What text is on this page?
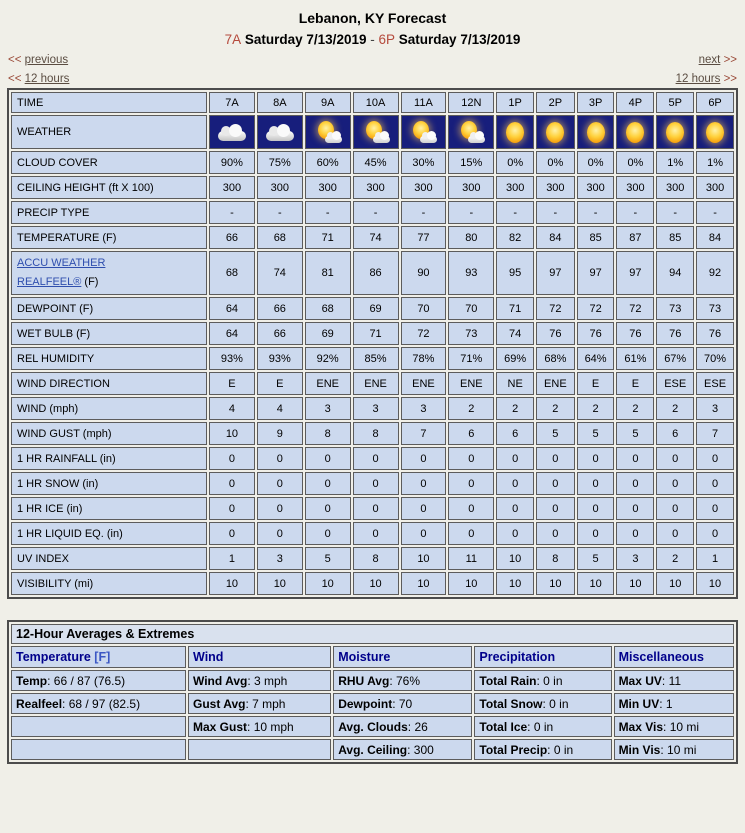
Lebanon, KY Forecast
7A Saturday 7/13/2019 - 6P Saturday 7/13/2019
<< previous	next >>
<< 12 hours	12 hours >>
TIME	7A	8A	9A	10A	11A	12N	1P	2P	3P	4P	5P	6P
WEATHER			

CLOUD COVER	90%	75%	60%	45%	30%	15%	0%	0%	0%	0%	1%	1%
CEILING HEIGHT (ft X 100)	300	300	300	300	300	300	300	300	300	300	300	300
PRECIP TYPE	-	-	-	-	-	-	-	-	-	-	-	-
TEMPERATURE (F)	66	68	71	74	77	80	82	84	85	87	85	84
ACCU WEATHER
REALFEEL® (F)	68	74	81	86	90	93	95	97	97	97	94	92
DEWPOINT (F)	64	66	68	69	70	70	71	72	72	72	73	73
WET BULB (F)	64	66	69	71	72	73	74	76	76	76	76	76
REL HUMIDITY	93%	93%	92%	85%	78%	71%	69%	68%	64%	61%	67%	70%
WIND DIRECTION	E	E	ENE	ENE	ENE	ENE	NE	ENE	E	E	ESE	ESE
WIND (mph)	4	4	3	3	3	2	2	2	2	2	2	3
WIND GUST (mph)	10	9	8	8	7	6	6	5	5	5	6	7
1 HR RAINFALL (in)	0	0	0	0	0	0	0	0	0	0	0	0
1 HR SNOW (in)	0	0	0	0	0	0	0	0	0	0	0	0
1 HR ICE (in)	0	0	0	0	0	0	0	0	0	0	0	0
1 HR LIQUID EQ. (in)	0	0	0	0	0	0	0	0	0	0	0	0
UV INDEX	1	3	5	8	10	11	10	8	5	3	2	1
VISIBILITY (mi)	10	10	10	10	10	10	10	10	10	10	10	10
12-Hour Averages & Extremes				
Temperature [F]	Wind	Moisture	Precipitation	Miscellaneous
Temp: 66 / 87 (76.5)	Wind Avg: 3 mph	RHU Avg: 76%	Total Rain: 0 in	Max UV: 11
Realfeel: 68 / 97 (82.5)	Gust Avg: 7 mph	Dewpoint: 70	Total Snow: 0 in	Min UV: 1
	Max Gust: 10 mph	Avg. Clouds: 26	Total Ice: 0 in	Max Vis: 10 mi
		Avg. Ceiling: 300	Total Precip: 0 in	Min Vis: 10 mi
